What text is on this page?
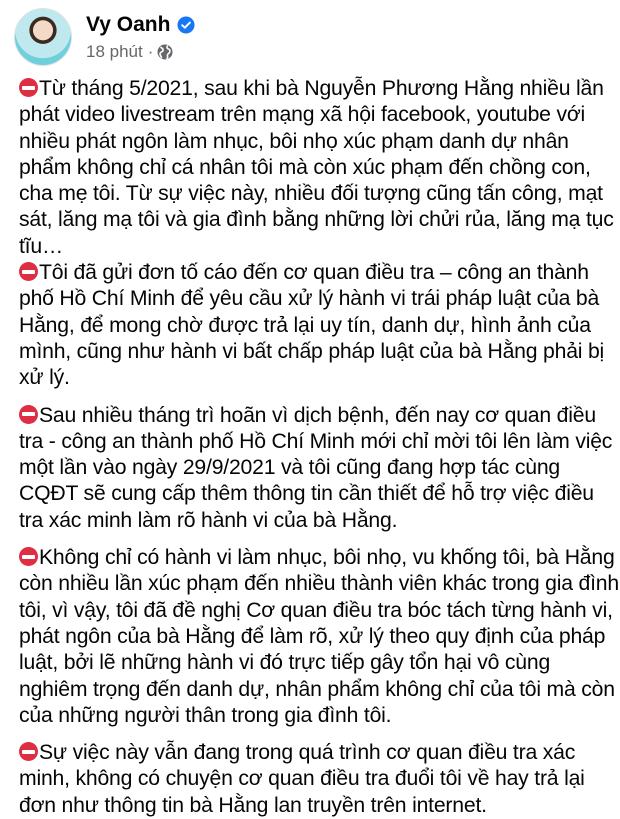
Vy Oanh
18 phút ·

Từ tháng 5/2021, sau khi bà Nguyễn Phương Hằng nhiều lần phát video livestream trên mạng xã hội facebook, youtube với nhiều phát ngôn làm nhục, bôi nhọ xúc phạm danh dự nhân phẩm không chỉ cá nhân tôi mà còn xúc phạm đến chồng con, cha mẹ tôi. Từ sự việc này, nhiều đối tượng cũng tấn công, mạt sát, lăng mạ tôi và gia đình bằng những lời chửi rủa, lăng mạ tục tĩu…

Tôi đã gửi đơn tố cáo đến cơ quan điều tra – công an thành phố Hồ Chí Minh để yêu cầu xử lý hành vi trái pháp luật của bà Hằng, để mong chờ được trả lại uy tín, danh dự, hình ảnh của mình, cũng như hành vi bất chấp pháp luật của bà Hằng phải bị xử lý.

Sau nhiều tháng trì hoãn vì dịch bệnh, đến nay cơ quan điều tra - công an thành phố Hồ Chí Minh mới chỉ mời tôi lên làm việc một lần vào ngày 29/9/2021 và tôi cũng đang hợp tác cùng CQĐT sẽ cung cấp thêm thông tin cần thiết để hỗ trợ việc điều tra xác minh làm rõ hành vi của bà Hằng.

Không chỉ có hành vi làm nhục, bôi nhọ, vu khống tôi, bà Hằng còn nhiều lần xúc phạm đến nhiều thành viên khác trong gia đình tôi, vì vậy, tôi đã đề nghị Cơ quan điều tra bóc tách từng hành vi, phát ngôn của bà Hằng để làm rõ, xử lý theo quy định của pháp luật, bởi lẽ những hành vi đó trực tiếp gây tổn hại vô cùng nghiêm trọng đến danh dự, nhân phẩm không chỉ của tôi mà còn của những người thân trong gia đình tôi.

Sự việc này vẫn đang trong quá trình cơ quan điều tra xác minh, không có chuyện cơ quan điều tra đuổi tôi về hay trả lại đơn như thông tin bà Hằng lan truyền trên internet.
